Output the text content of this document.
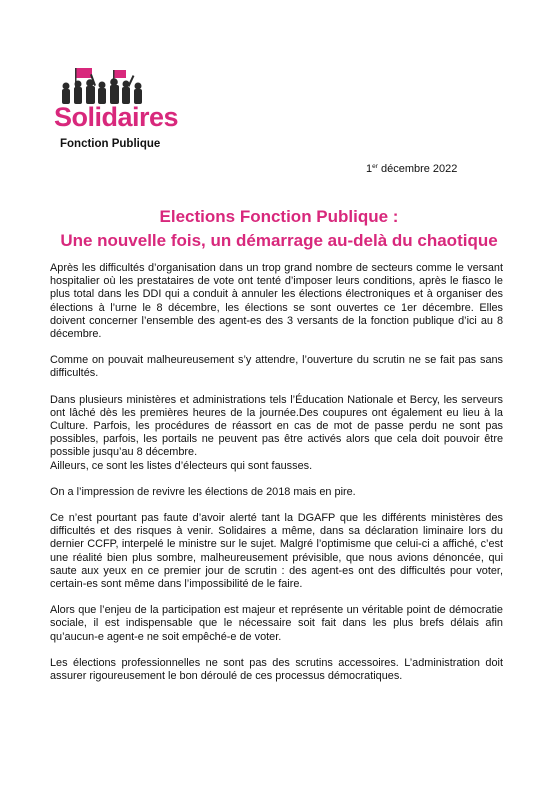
Solidaires
Fonction Publique
1er décembre 2022
Elections Fonction Publique :
Une nouvelle fois, un démarrage au-delà du chaotique

Après les difficultés d’organisation dans un trop grand nombre de secteurs comme le versant hospitalier où les prestataires de vote ont tenté d’imposer leurs conditions, après le fiasco le plus total dans les DDI qui a conduit à annuler les élections électroniques et à organiser des élections à l’urne le 8 décembre, les élections se sont ouvertes ce 1er décembre. Elles doivent concerner l’ensemble des agent-es des 3 versants de la fonction publique d’ici au 8 décembre.

Comme on pouvait malheureusement s’y attendre, l’ouverture du scrutin ne se fait pas sans difficultés.

Dans plusieurs ministères et administrations tels l’Éducation Nationale et Bercy, les serveurs ont lâché dès les premières heures de la journée.Des coupures ont également eu lieu à la Culture. Parfois, les procédures de réassort en cas de mot de passe perdu ne sont pas possibles, parfois, les portails ne peuvent pas être activés alors que cela doit pouvoir être possible jusqu’au 8 décembre.

Ailleurs, ce sont les listes d’électeurs qui sont fausses.

On a l’impression de revivre les élections de 2018 mais en pire.

Ce n’est pourtant pas faute d’avoir alerté tant la DGAFP que les différents ministères des difficultés et des risques à venir. Solidaires a même, dans sa déclaration liminaire lors du dernier CCFP, interpelé le ministre sur le sujet. Malgré l’optimisme que celui-ci a affiché, c’est une réalité bien plus sombre, malheureusement prévisible, que nous avions dénoncée, qui saute aux yeux en ce premier jour de scrutin : des agent-es ont des difficultés pour voter, certain-es sont même dans l’impossibilité de le faire.

Alors que l’enjeu de la participation est majeur et représente un véritable point de démocratie sociale, il est indispensable que le nécessaire soit fait dans les plus brefs délais afin qu’aucun-e agent-e ne soit empêché-e de voter.

Les élections professionnelles ne sont pas des scrutins accessoires. L’administration doit assurer rigoureusement le bon déroulé de ces processus démocratiques.
